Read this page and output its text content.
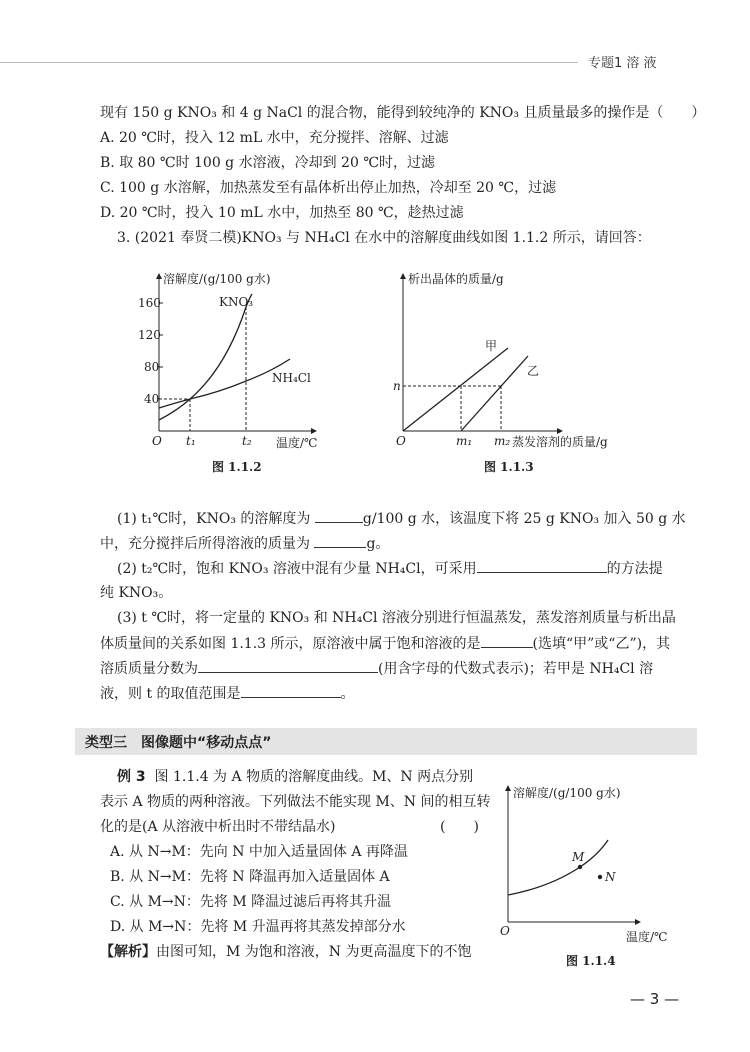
专题1 溶 液
现有 150 g KNO₃ 和 4 g NaCl 的混合物，能得到较纯净的 KNO₃ 且质量最多的操作是（　　）
A. 20 ℃时，投入 12 mL 水中，充分搅拌、溶解、过滤
B. 取 80 ℃时 100 g 水溶液，冷却到 20 ℃时，过滤
C. 100 g 水溶解，加热蒸发至有晶体析出停止加热，冷却至 20 ℃，过滤
D. 20 ℃时，投入 10 mL 水中，加热至 80 ℃，趁热过滤
3. (2021 奉贤二模)KNO₃ 与 NH₄Cl 在水中的溶解度曲线如图 1.1.2 所示，请回答：
溶解度/(g/100 g水)
160
120
80
40
O t₁	t₂ 温度/℃
KNO₃
NH₄Cl
图 1.1.2
析出晶体的质量/g
n
O	m₁ m₂ 蒸发溶剂的质量/g
甲
乙
图 1.1.3
溶解度/(g/100 g水)
M
N
O	温度/℃
图 1.1.4
(1) t₁℃时，KNO₃ 的溶解度为	g/100 g 水，该温度下将 25 g KNO₃ 加入 50 g 水
中，充分搅拌后所得溶液的质量为	g。
(2) t₂℃时，饱和 KNO₃ 溶液中混有少量 NH₄Cl，可采用	的方法提
纯 KNO₃。
(3) t ℃时，将一定量的 KNO₃ 和 NH₄Cl 溶液分别进行恒温蒸发，蒸发溶剂质量与析出晶
体质量间的关系如图 1.1.3 所示，原溶液中属于饱和溶液的是	(选填“甲”或“乙”)，其
溶质质量分数为	(用含字母的代数式表示)；若甲是 NH₄Cl 溶
液，则 t 的取值范围是	。
类型三　图像题中“移动点点”
例 3 图 1.1.4 为 A 物质的溶解度曲线。M、N 两点分别
表示 A 物质的两种溶液。下列做法不能实现 M、N 间的相互转
化的是(A 从溶液中析出时不带结晶水)	(　　)
A. 从 N→M：先向 N 中加入适量固体 A 再降温
B. 从 N→M：先将 N 降温再加入适量固体 A
C. 从 M→N：先将 M 降温过滤后再将其升温
D. 从 M→N：先将 M 升温再将其蒸发掉部分水
【解析】由图可知，M 为饱和溶液，N 为更高温度下的不饱
— 3 —
